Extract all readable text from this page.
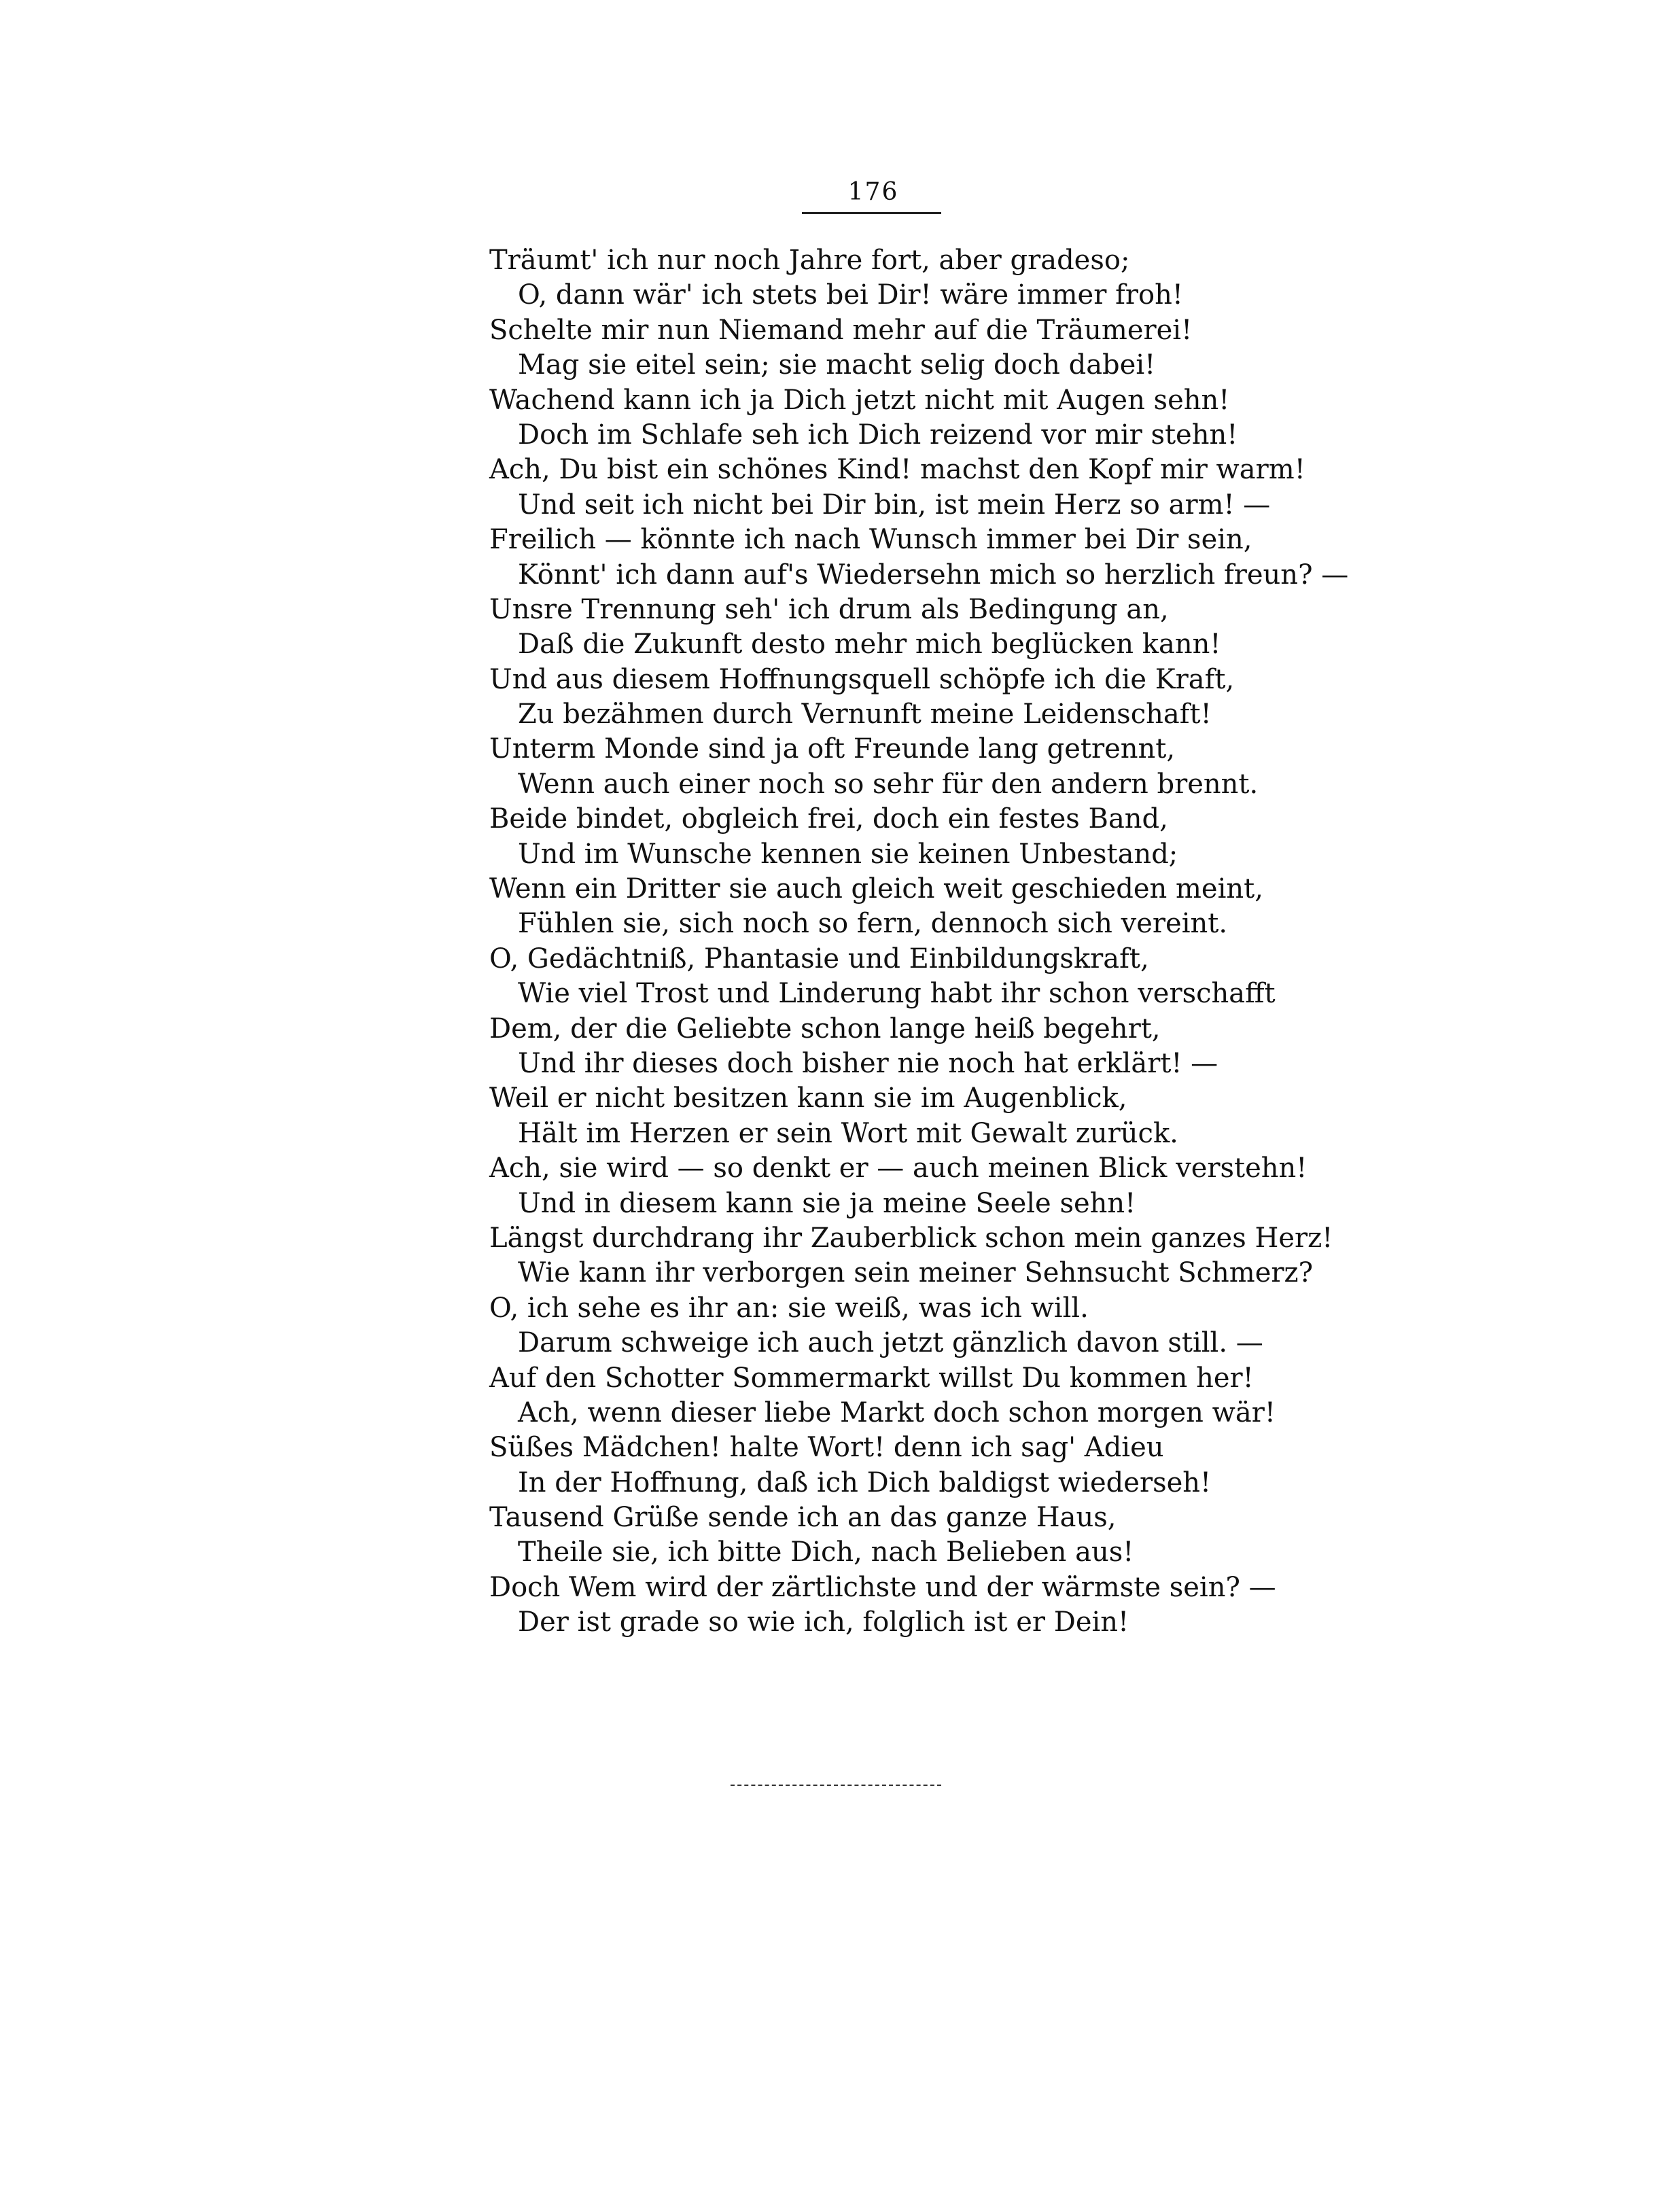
176
Träumt' ich nur noch Jahre fort, aber gradeso;
O, dann wär' ich stets bei Dir! wäre immer froh!
Schelte mir nun Niemand mehr auf die Träumerei!
Mag sie eitel sein; sie macht selig doch dabei!
Wachend kann ich ja Dich jetzt nicht mit Augen sehn!
Doch im Schlafe seh ich Dich reizend vor mir stehn!
Ach, Du bist ein schönes Kind! machst den Kopf mir warm!
Und seit ich nicht bei Dir bin, ist mein Herz so arm! —
Freilich — könnte ich nach Wunsch immer bei Dir sein,
Könnt' ich dann auf's Wiedersehn mich so herzlich freun? —
Unsre Trennung seh' ich drum als Bedingung an,
Daß die Zukunft desto mehr mich beglücken kann!
Und aus diesem Hoffnungsquell schöpfe ich die Kraft,
Zu bezähmen durch Vernunft meine Leidenschaft!
Unterm Monde sind ja oft Freunde lang getrennt,
Wenn auch einer noch so sehr für den andern brennt.
Beide bindet, obgleich frei, doch ein festes Band,
Und im Wunsche kennen sie keinen Unbestand;
Wenn ein Dritter sie auch gleich weit geschieden meint,
Fühlen sie, sich noch so fern, dennoch sich vereint.
O, Gedächtniß, Phantasie und Einbildungskraft,
Wie viel Trost und Linderung habt ihr schon verschafft
Dem, der die Geliebte schon lange heiß begehrt,
Und ihr dieses doch bisher nie noch hat erklärt! —
Weil er nicht besitzen kann sie im Augenblick,
Hält im Herzen er sein Wort mit Gewalt zurück.
Ach, sie wird — so denkt er — auch meinen Blick verstehn!
Und in diesem kann sie ja meine Seele sehn!
Längst durchdrang ihr Zauberblick schon mein ganzes Herz!
Wie kann ihr verborgen sein meiner Sehnsucht Schmerz?
O, ich sehe es ihr an: sie weiß, was ich will.
Darum schweige ich auch jetzt gänzlich davon still. —
Auf den Schotter Sommermarkt willst Du kommen her!
Ach, wenn dieser liebe Markt doch schon morgen wär!
Süßes Mädchen! halte Wort! denn ich sag' Adieu
In der Hoffnung, daß ich Dich baldigst wiederseh!
Tausend Grüße sende ich an das ganze Haus,
Theile sie, ich bitte Dich, nach Belieben aus!
Doch Wem wird der zärtlichste und der wärmste sein? —
Der ist grade so wie ich, folglich ist er Dein!
